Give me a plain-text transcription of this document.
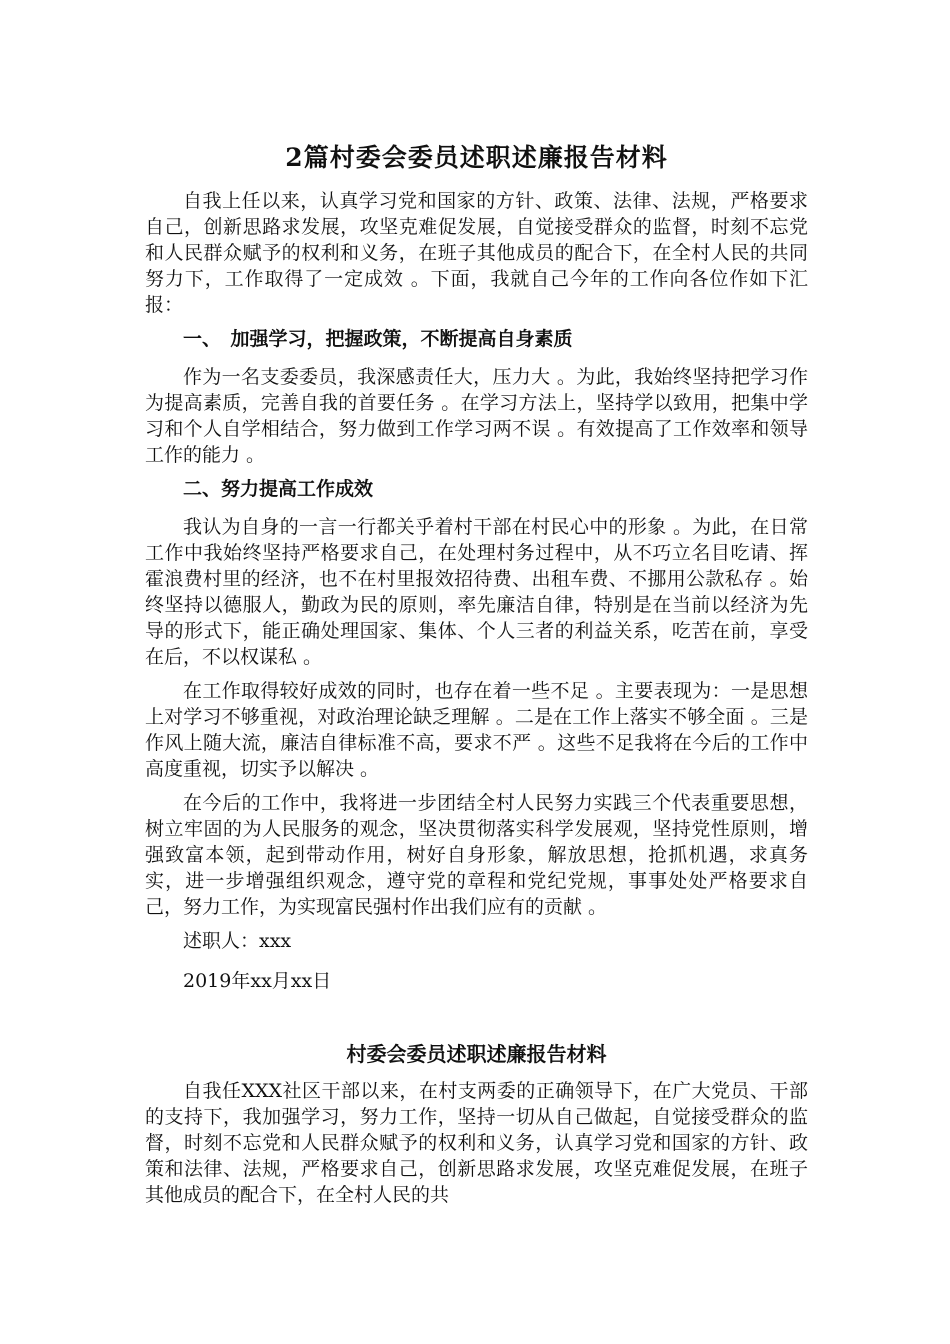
2篇村委会委员述职述廉报告材料

自我上任以来，认真学习党和国家的方针、政策、法律、法规，严格要求自己，创新思路求发展，攻坚克难促发展，自觉接受群众的监督，时刻不忘党和人民群众赋予的权利和义务，在班子其他成员的配合下，在全村人民的共同努力下，工作取得了一定成效 。下面，我就自己今年的工作向各位作如下汇报：

一、　加强学习，把握政策，不断提高自身素质

作为一名支委委员，我深感责任大，压力大 。为此，我始终坚持把学习作为提高素质，完善自我的首要任务 。在学习方法上，坚持学以致用，把集中学习和个人自学相结合，努力做到工作学习两不误 。有效提高了工作效率和领导工作的能力 。

二、努力提高工作成效

我认为自身的一言一行都关乎着村干部在村民心中的形象 。为此，在日常工作中我始终坚持严格要求自己，在处理村务过程中，从不巧立名目吃请、挥霍浪费村里的经济，也不在村里报效招待费、出租车费、不挪用公款私存 。始终坚持以德服人，勤政为民的原则，率先廉洁自律，特别是在当前以经济为先导的形式下，能正确处理国家、集体、个人三者的利益关系，吃苦在前，享受在后，不以权谋私 。

在工作取得较好成效的同时，也存在着一些不足 。主要表现为：一是思想上对学习不够重视，对政治理论缺乏理解 。二是在工作上落实不够全面 。三是作风上随大流，廉洁自律标准不高，要求不严 。这些不足我将在今后的工作中高度重视，切实予以解决 。

在今后的工作中，我将进一步团结全村人民努力实践三个代表重要思想，树立牢固的为人民服务的观念，坚决贯彻落实科学发展观，坚持党性原则，增强致富本领，起到带动作用，树好自身形象，解放思想，抢抓机遇，求真务实，进一步增强组织观念，遵守党的章程和党纪党规，事事处处严格要求自己，努力工作，为实现富民强村作出我们应有的贡献 。

述职人：xxx
2019年xx月xx日
村委会委员述职述廉报告材料

自我任XXX社区干部以来，在村支两委的正确领导下，在广大党员、干部的支持下，我加强学习，努力工作，坚持一切从自己做起，自觉接受群众的监督，时刻不忘党和人民群众赋予的权利和义务，认真学习党和国家的方针、政策和法律、法规，严格要求自己，创新思路求发展，攻坚克难促发展，在班子其他成员的配合下，在全村人民的共
